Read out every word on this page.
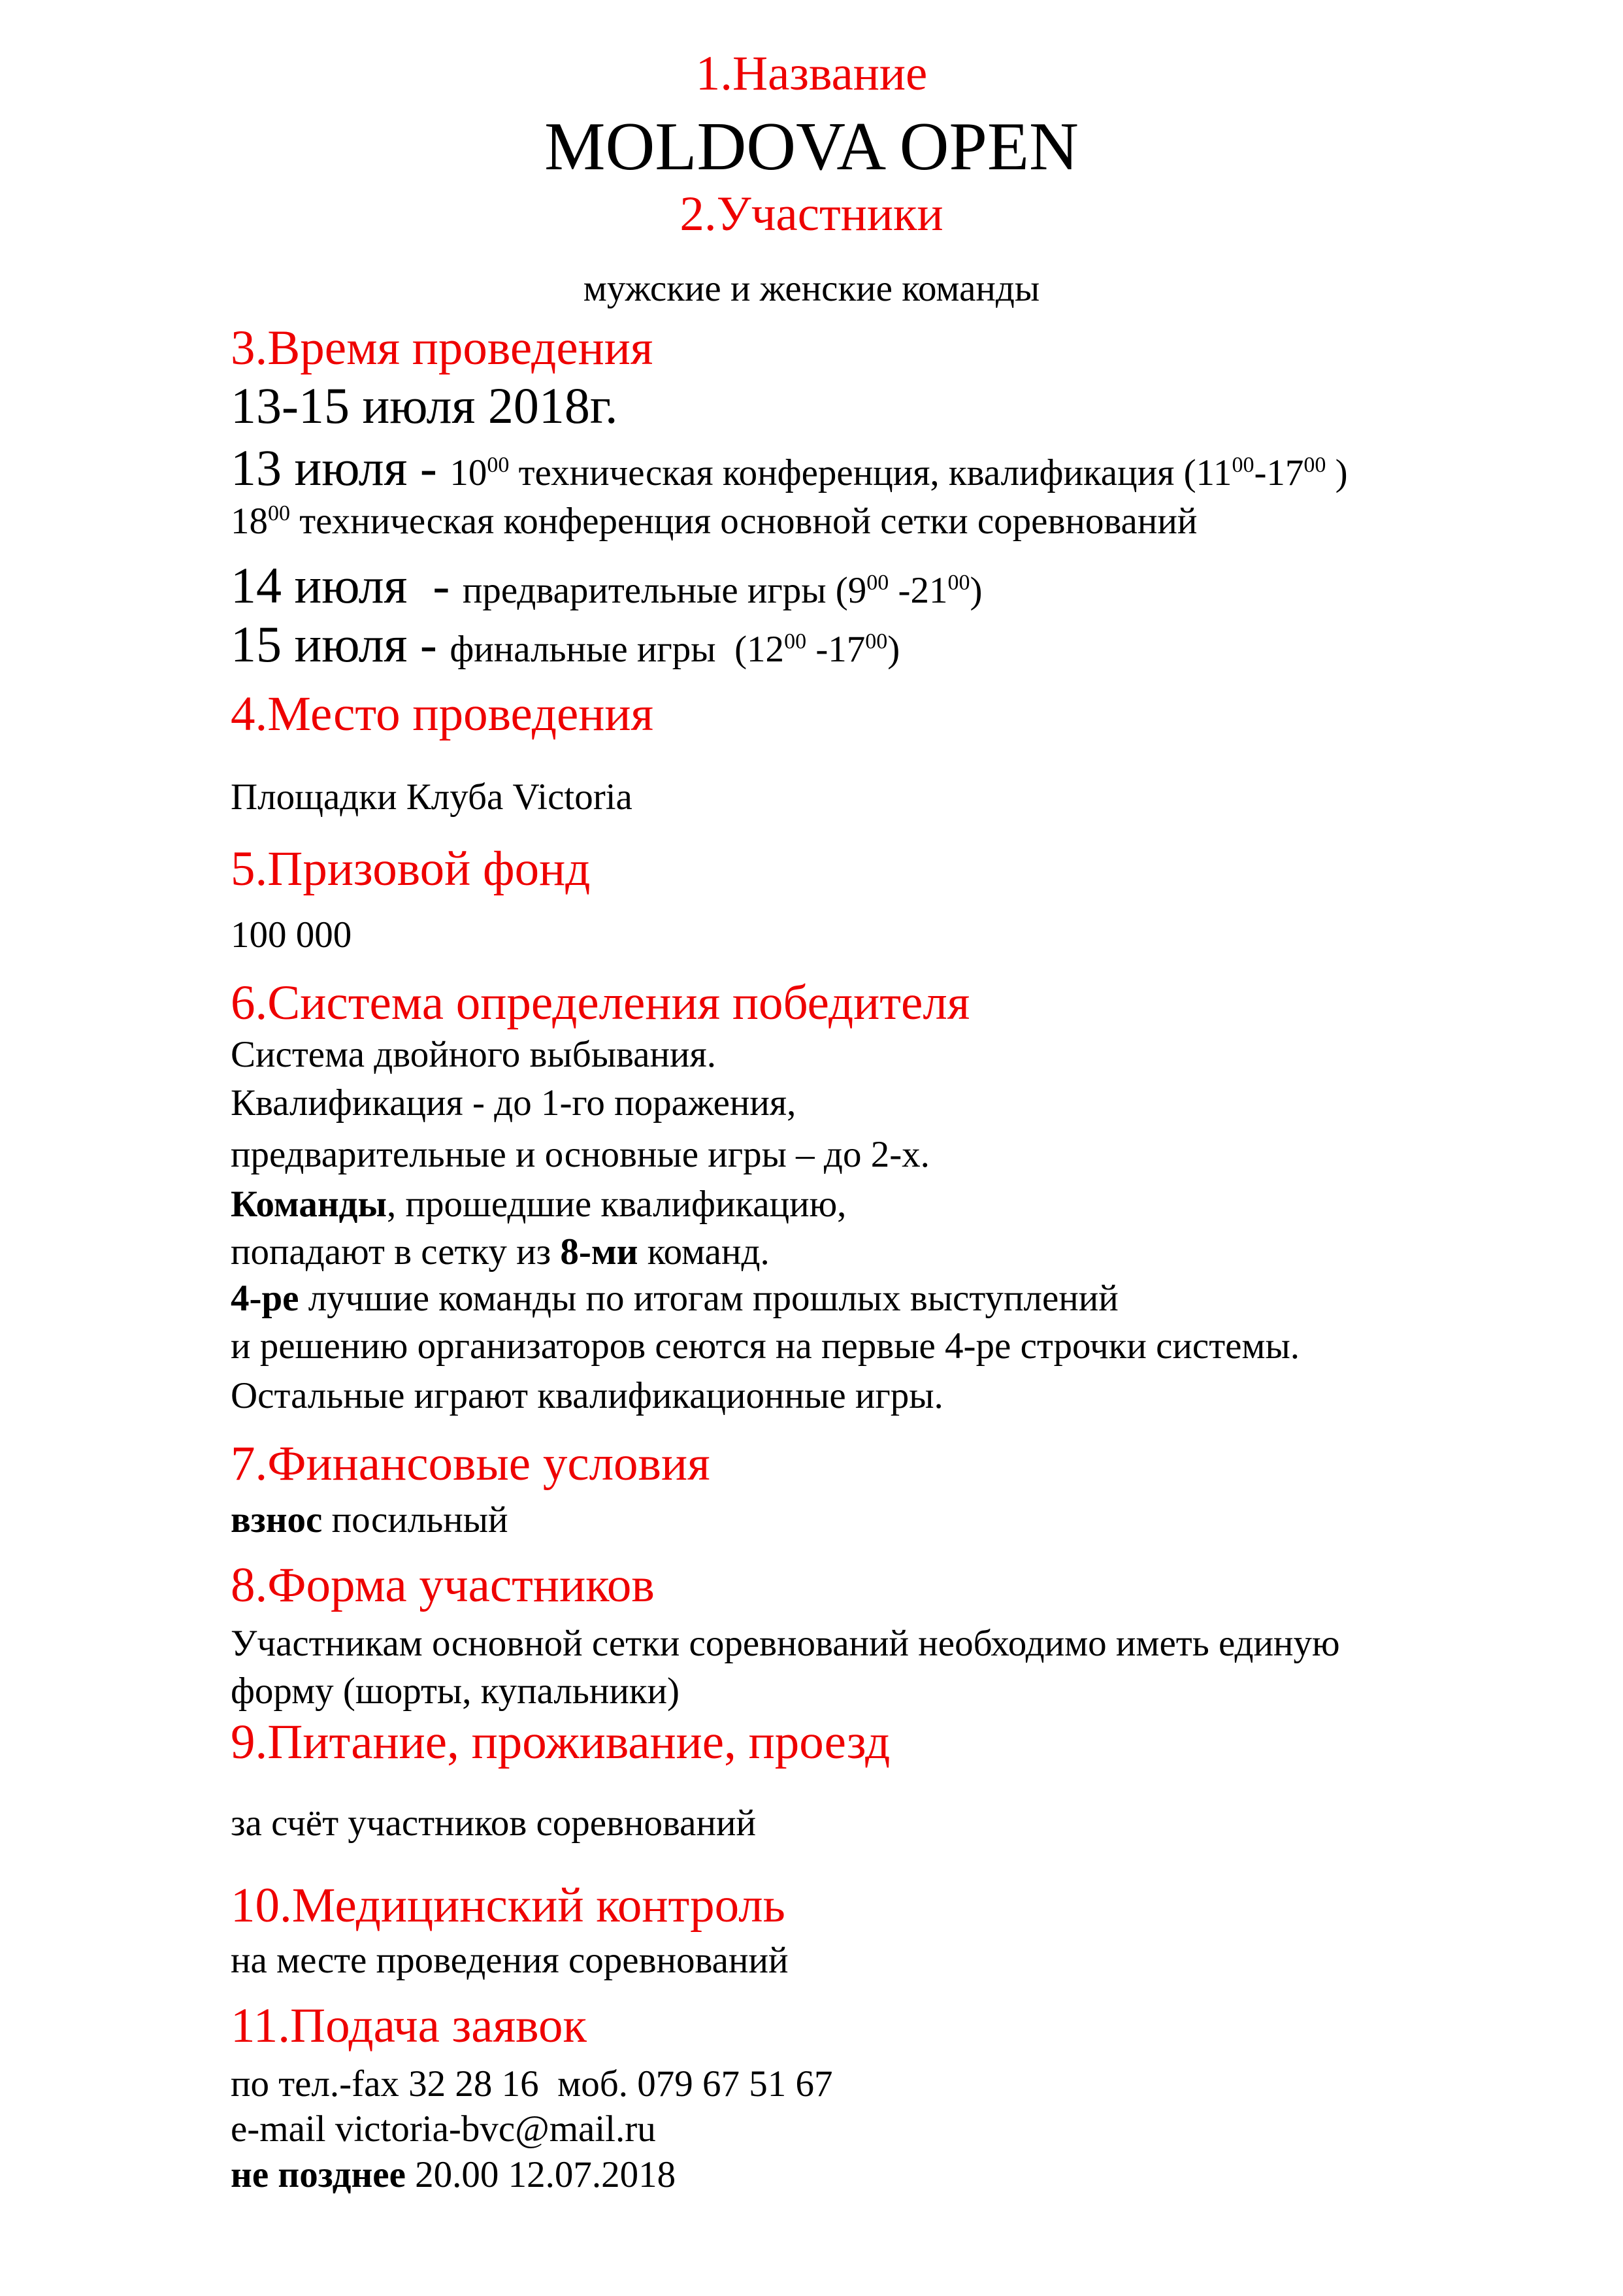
1.Название
MOLDOVA OPEN
2.Участники
мужские и женские команды
3.Время проведения
13-15 июля 2018г.
13 июля - $10^{00}$ техническая конференция, квалификация ($11^{00}-17^{00}$ )
$18^{00}$ техническая конференция основной сетки соревнований
14 июля  - предварительные игры ($9^{00}$ $-21^{00}$)
15 июля - финальные игры  ($12^{00}$ $-17^{00}$)
4.Место проведения
Площадки Клуба Victoria
5.Призовой фонд
100 000
6.Система определения победителя
Система двойного выбывания.
Квалификация - до 1-го поражения,
предварительные и основные игры – до 2-х.
Команды, прошедшие квалификацию,
попадают в сетку из 8-ми команд.
4-ре лучшие команды по итогам прошлых выступлений
и решению организаторов сеются на первые 4-ре строчки системы.
Остальные играют квалификационные игры.
7.Финансовые условия
взнос посильный
8.Форма участников
Участникам основной сетки соревнований необходимо иметь единую
форму (шорты, купальники)
9.Питание, проживание, проезд
за счёт участников соревнований
10.Медицинский контроль
на месте проведения соревнований
11.Подача заявок
по тел.-fax 32 28 16  моб. 079 67 51 67
e-mail victoria-bvc@mail.ru
не позднее 20.00 12.07.2018
